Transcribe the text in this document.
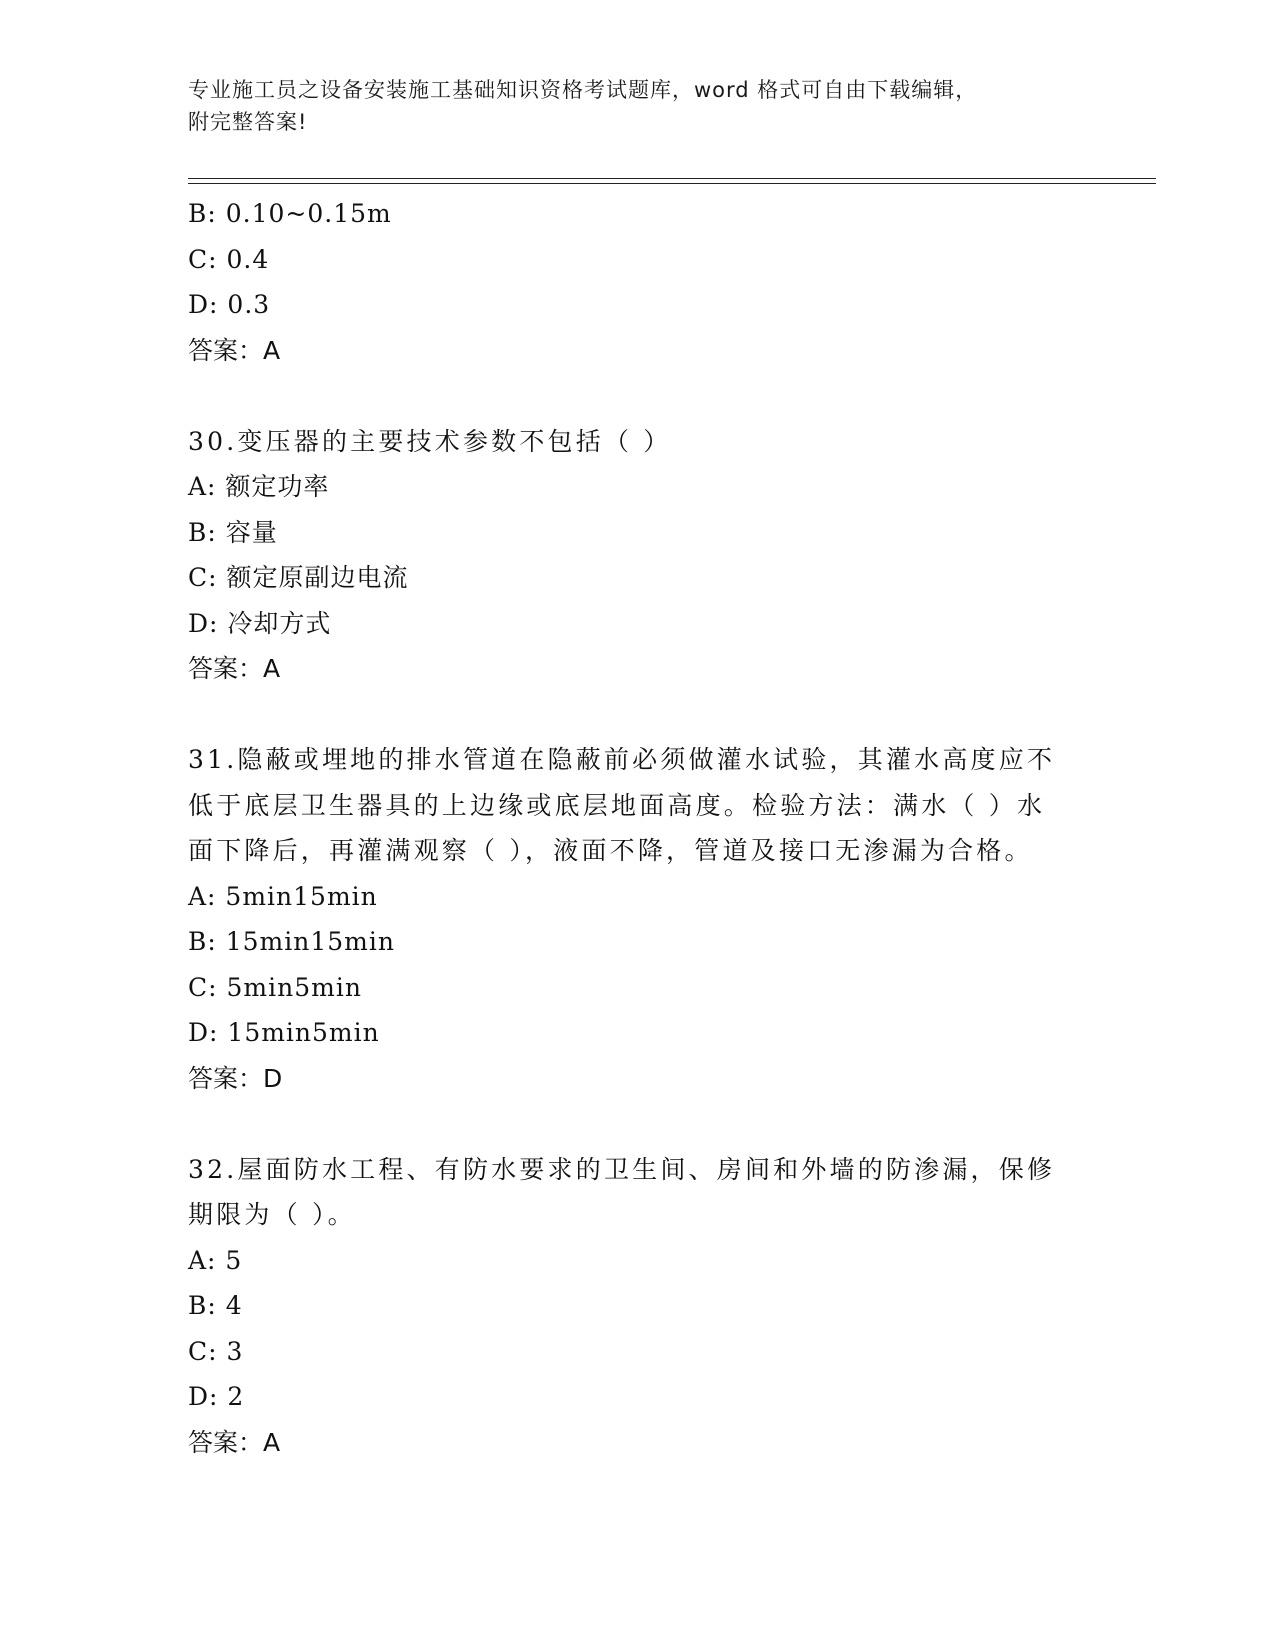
专业施工员之设备安装施工基础知识资格考试题库，word 格式可自由下载编辑，
附完整答案!
B: 0.10~0.15m
C: 0.4
D: 0.3
答案：A
30.变压器的主要技术参数不包括（ ）
A: 额定功率
B: 容量
C: 额定原副边电流
D: 冷却方式
答案：A
31.隐蔽或埋地的排水管道在隐蔽前必须做灌水试验，其灌水高度应不
低于底层卫生器具的上边缘或底层地面高度。检验方法：满水（ ）水
面下降后，再灌满观察（ ），液面不降，管道及接口无渗漏为合格。
A: 5min15min
B: 15min15min
C: 5min5min
D: 15min5min
答案：D
32.屋面防水工程、有防水要求的卫生间、房间和外墙的防渗漏，保修
期限为（ ）。
A: 5
B: 4
C: 3
D: 2
答案：A
